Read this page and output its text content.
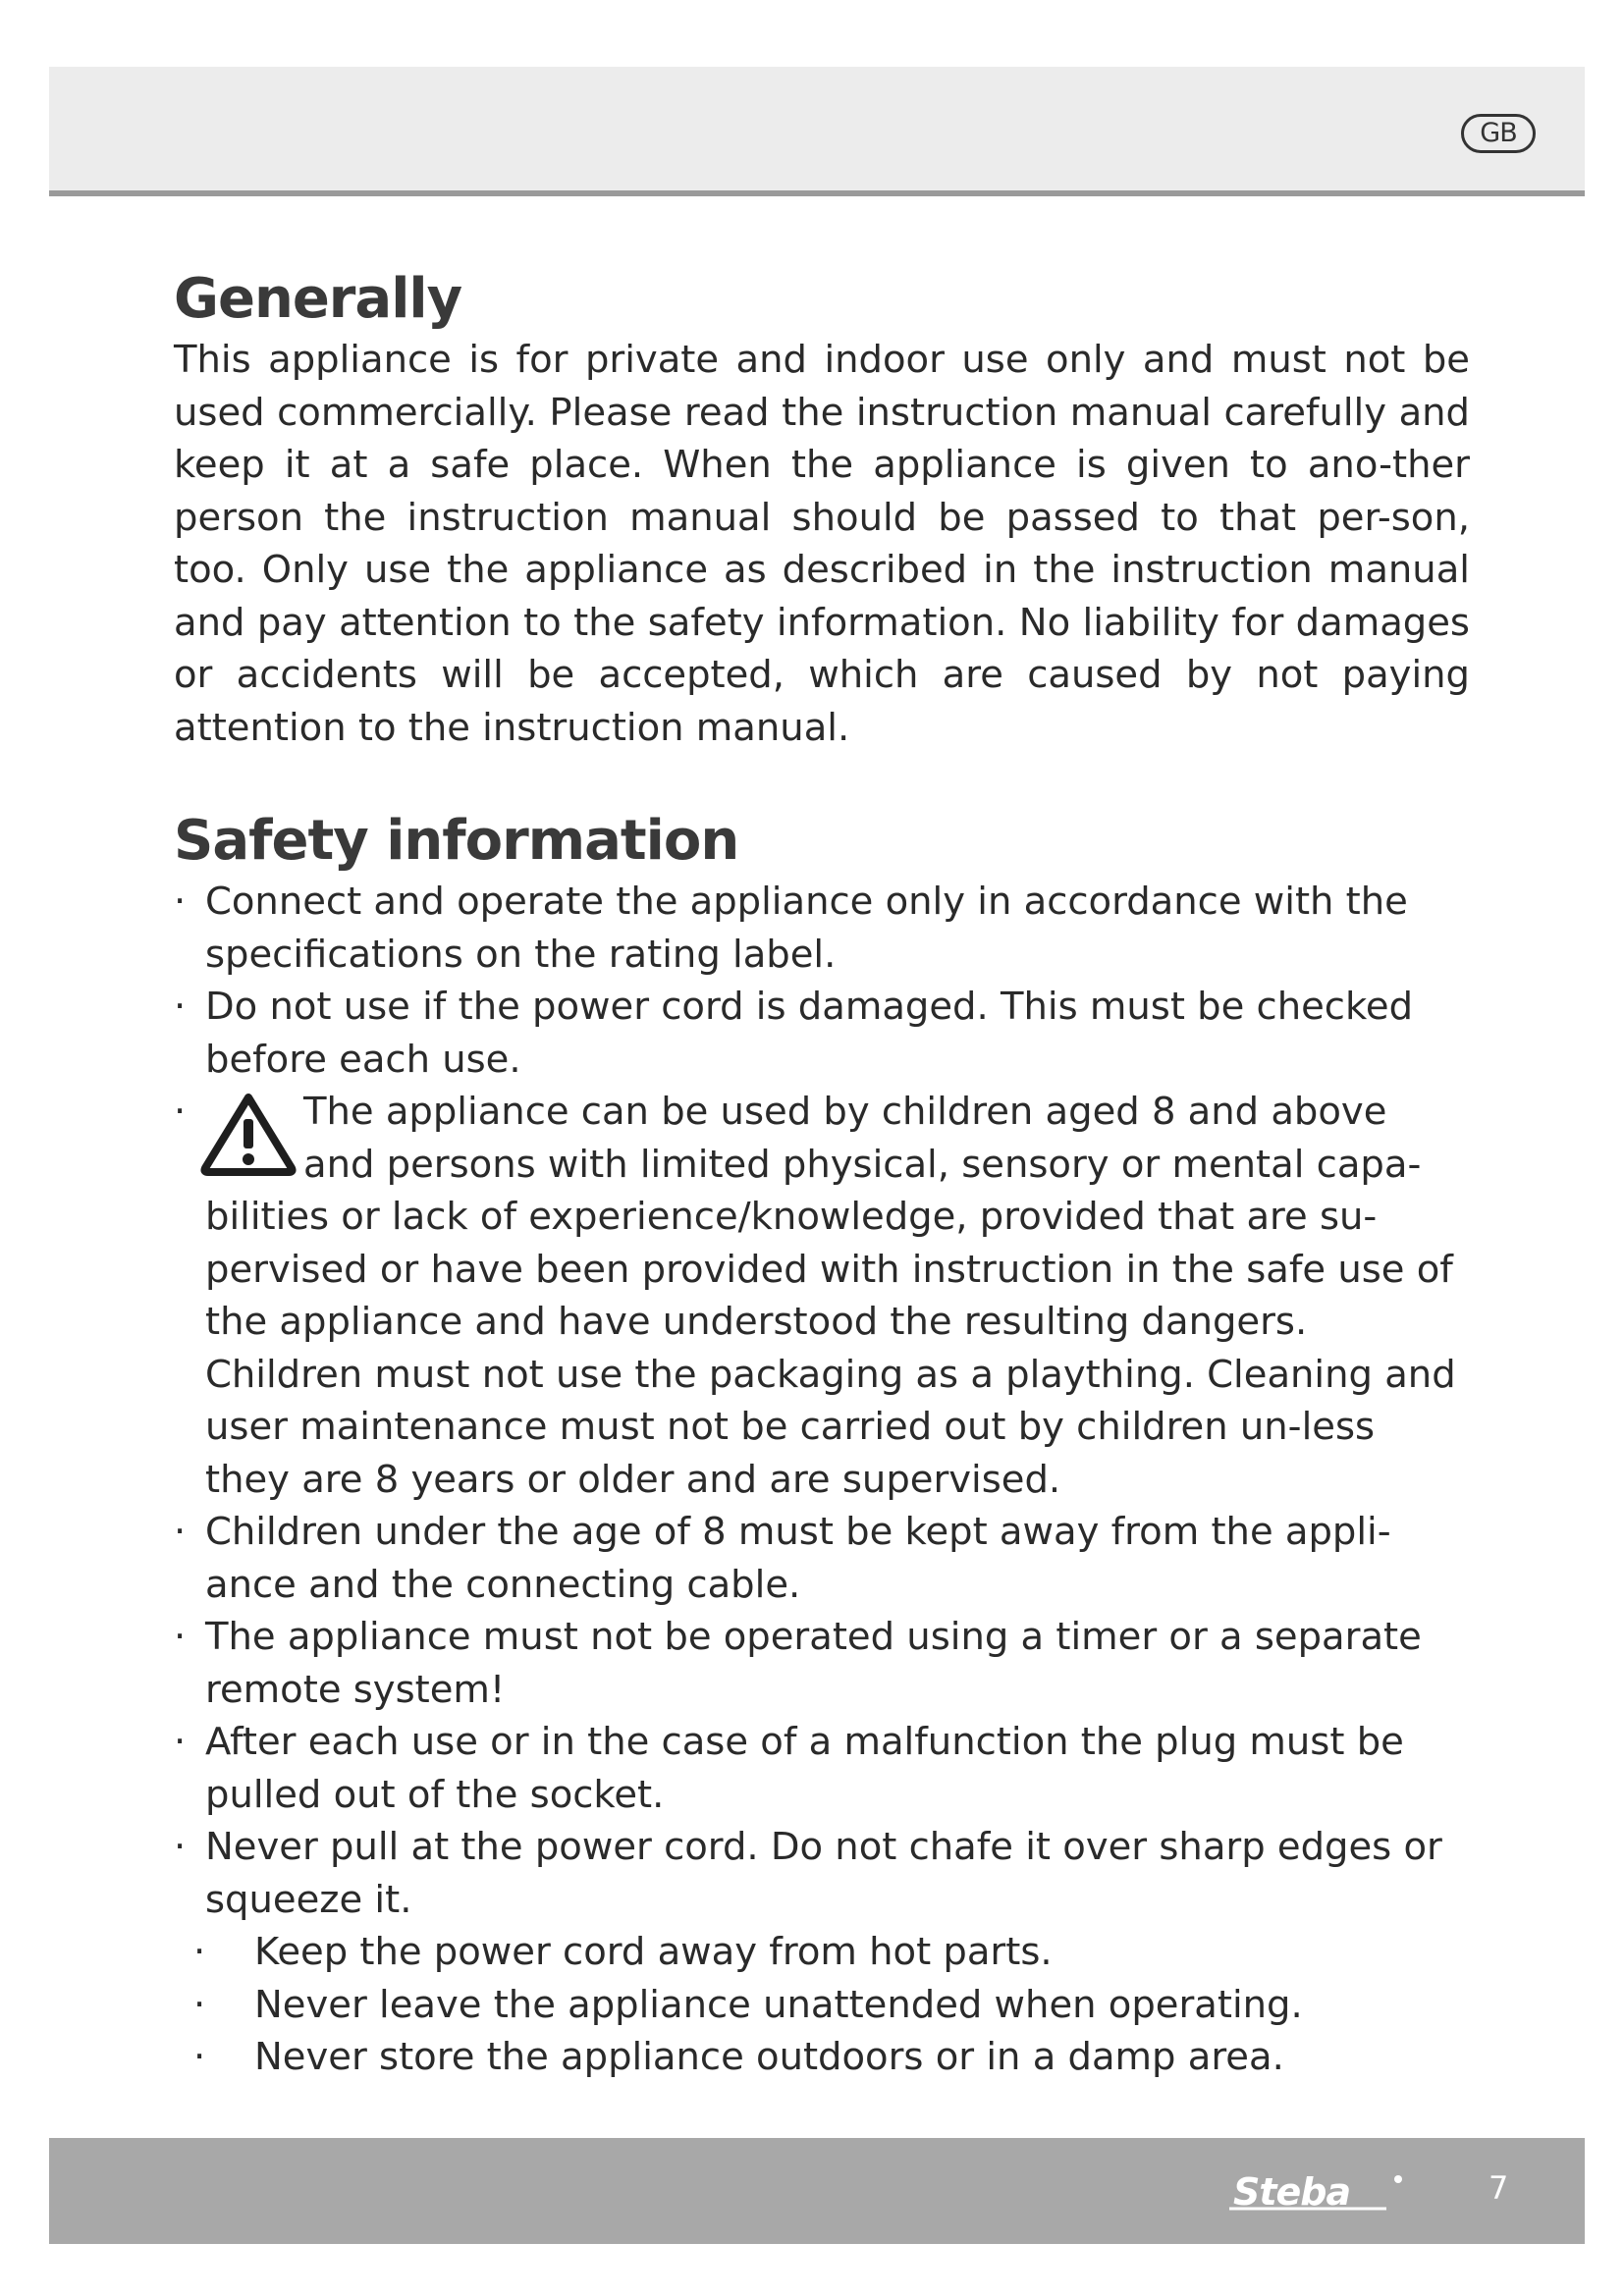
GB
Generally

This appliance is for private and indoor use only and must not be used commercially. Please read the instruction manual carefully and keep it at a safe place. When the appliance is given to ano-ther person the instruction manual should be passed to that per-son, too. Only use the appliance as described in the instruction manual and pay attention to the safety information. No liability for damages or accidents will be accepted, which are caused by not paying attention to the instruction manual.

Safety information
· Connect and operate the appliance only in accordance with the specifications on the rating label.
· Do not use if the power cord is damaged. This must be checked before each use.
·	The appliance can be used by children aged 8 and above and persons with limited physical, sensory or mental capa-bilities or lack of experience/knowledge, provided that are su-pervised or have been provided with instruction in the safe use of the appliance and have understood the resulting dangers. Children must not use the packaging as a plaything. Cleaning and user maintenance must not be carried out by children un-less they are 8 years or older and are supervised.
· Children under the age of 8 must be kept away from the appli-ance and the connecting cable.
· The appliance must not be operated using a timer or a separate remote system!
· After each use or in the case of a malfunction the plug must be pulled out of the socket.
· Never pull at the power cord. Do not chafe it over sharp edges or squeeze it.
· Keep the power cord away from hot parts.
· Never leave the appliance unattended when operating.
· Never store the appliance outdoors or in a damp area.
Steba	7
